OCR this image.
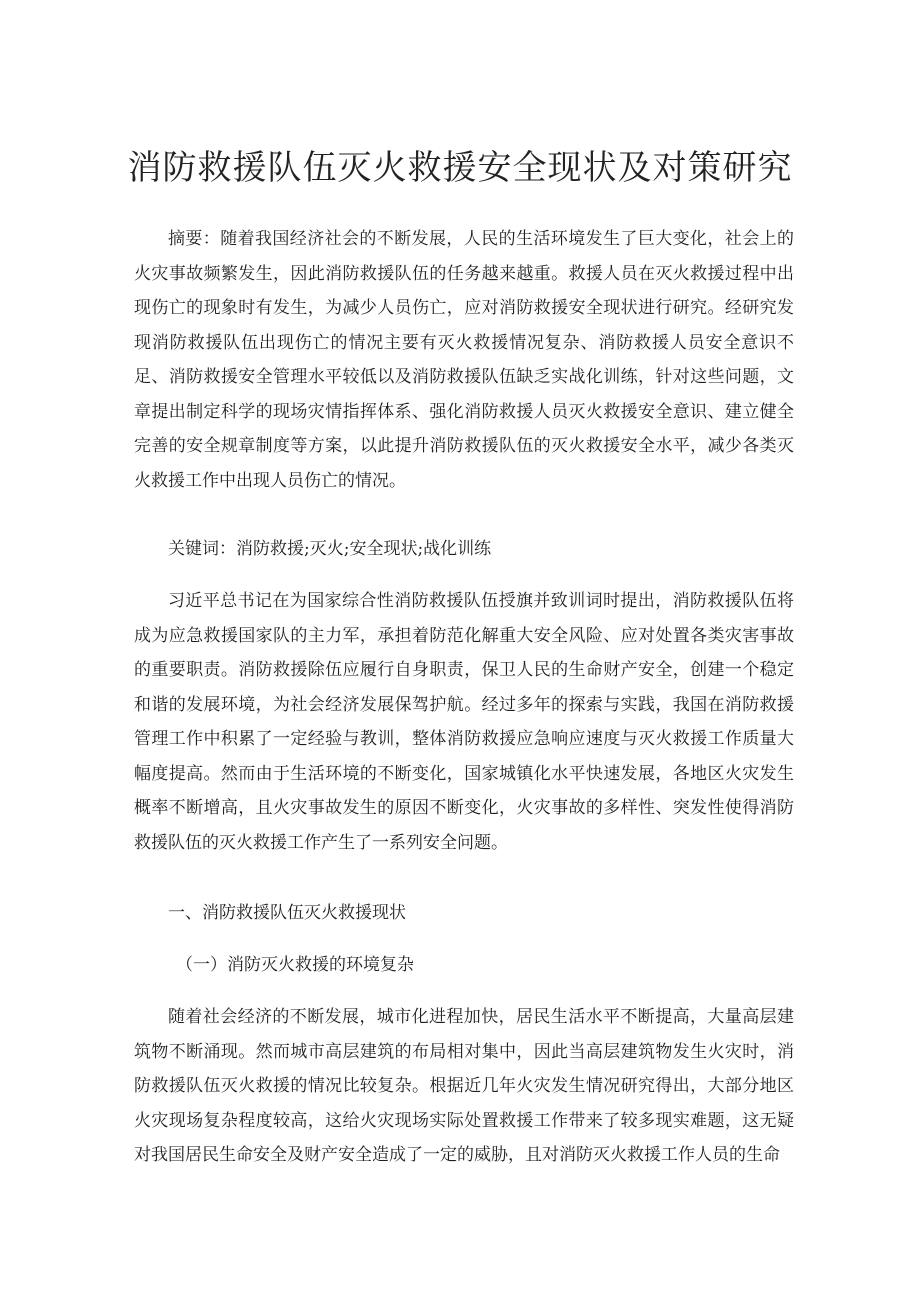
消防救援队伍灭火救援安全现状及对策研究

摘要：随着我国经济社会的不断发展，人民的生活环境发生了巨大变化，社会上的火灾事故频繁发生，因此消防救援队伍的任务越来越重。救援人员在灭火救援过程中出现伤亡的现象时有发生，为减少人员伤亡，应对消防救援安全现状进行研究。经研究发现消防救援队伍出现伤亡的情况主要有灭火救援情况复杂、消防救援人员安全意识不足、消防救援安全管理水平较低以及消防救援队伍缺乏实战化训练，针对这些问题，文章提出制定科学的现场灾情指挥体系、强化消防救援人员灭火救援安全意识、建立健全完善的安全规章制度等方案，以此提升消防救援队伍的灭火救援安全水平，减少各类灭火救援工作中出现人员伤亡的情况。

关键词：消防救援;灭火;安全现状;战化训练

习近平总书记在为国家综合性消防救援队伍授旗并致训词时提出，消防救援队伍将成为应急救援国家队的主力军，承担着防范化解重大安全风险、应对处置各类灾害事故的重要职责。消防救援除伍应履行自身职责，保卫人民的生命财产安全，创建一个稳定和谐的发展环境，为社会经济发展保驾护航。经过多年的探索与实践，我国在消防救援管理工作中积累了一定经验与教训，整体消防救援应急响应速度与灭火救援工作质量大幅度提高。然而由于生活环境的不断变化，国家城镇化水平快速发展，各地区火灾发生概率不断增高，且火灾事故发生的原因不断变化，火灾事故的多样性、突发性使得消防救援队伍的灭火救援工作产生了一系列安全问题。

一、消防救援队伍灭火救援现状

（一）消防灭火救援的环境复杂

随着社会经济的不断发展，城市化进程加快，居民生活水平不断提高，大量高层建筑物不断涌现。然而城市高层建筑的布局相对集中，因此当高层建筑物发生火灾时，消防救援队伍灭火救援的情况比较复杂。根据近几年火灾发生情况研究得出，大部分地区火灾现场复杂程度较高，这给火灾现场实际处置救援工作带来了较多现实难题，这无疑对我国居民生命安全及财产安全造成了一定的威胁，且对消防灭火救援工作人员的生命
